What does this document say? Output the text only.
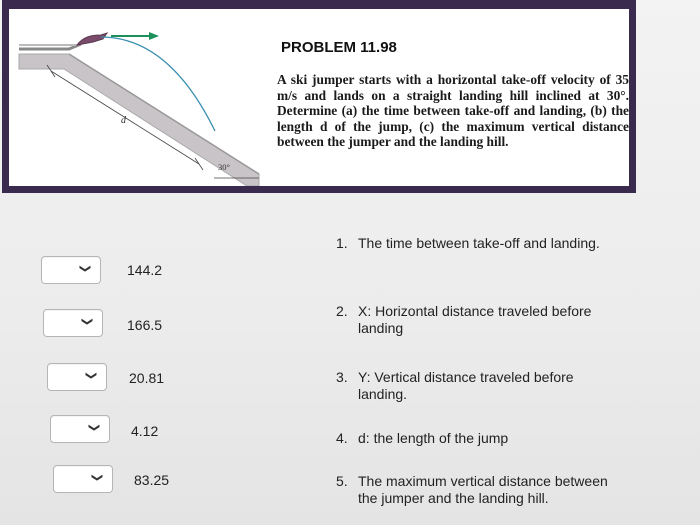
d
30°
PROBLEM 11.98
A ski jumper starts with a horizontal take-off velocity of 35 m/s and lands on a straight landing hill inclined at 30°. Determine (a) the time between take-off and landing, (b) the length d of the jump, (c) the maximum vertical distance between the jumper and the landing hill.
❯	144.2
❯ 166.5
❯ 20.81
❯ 4.12
❯ 83.25
1. The time between take-off and landing.
2. X: Horizontal distance traveled before landing
3. Y: Vertical distance traveled before landing.
4. d: the length of the jump
5. The maximum vertical distance between the jumper and the landing hill.
